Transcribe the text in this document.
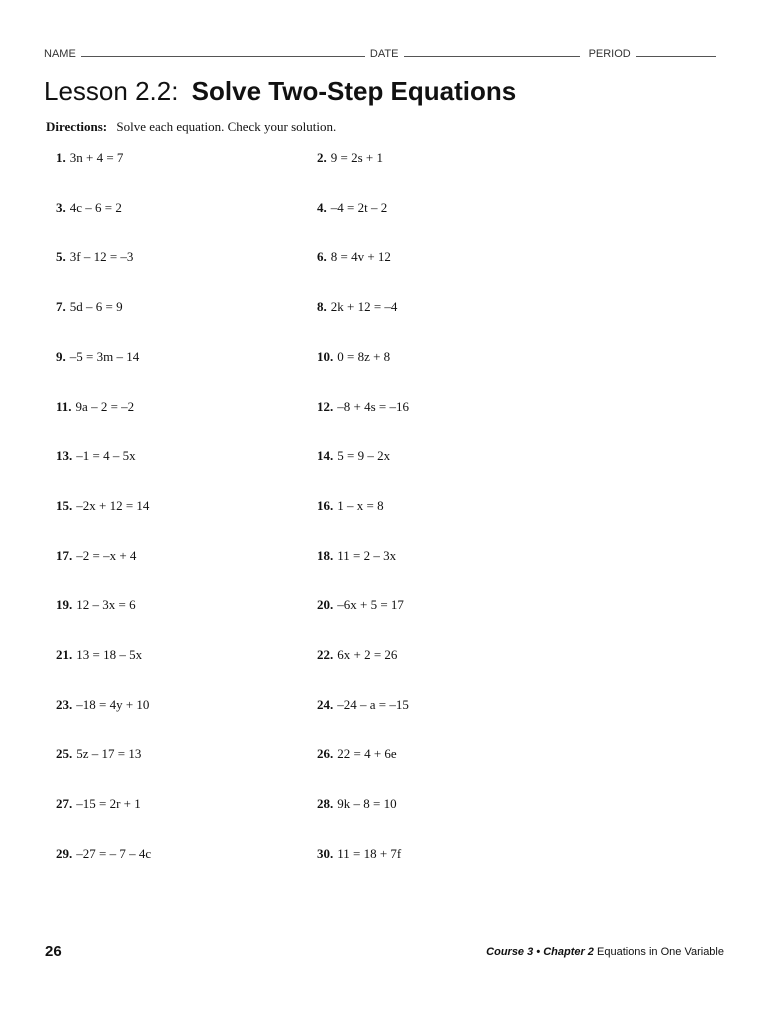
NAME	DATE	PERIOD
Lesson 2.2: Solve Two-Step Equations
Directions: Solve each equation. Check your solution.
1. 3n + 4 = 7	2. 9 = 2s + 1
3. 4c – 6 = 2	4. –4 = 2t – 2
5. 3f – 12 = –3	6. 8 = 4v + 12
7. 5d – 6 = 9	8. 2k + 12 = –4
9. –5 = 3m – 14	10. 0 = 8z + 8
11. 9a – 2 = –2	12. –8 + 4s = –16
13. –1 = 4 – 5x	14. 5 = 9 – 2x
15. –2x + 12 = 14	16. 1 – x = 8
17. –2 = –x + 4	18. 11 = 2 – 3x
19. 12 – 3x = 6	20. –6x + 5 = 17
21. 13 = 18 – 5x	22. 6x + 2 = 26
23. –18 = 4y + 10	24. –24 – a = –15
25. 5z – 17 = 13	26. 22 = 4 + 6e
27. –15 = 2r + 1	28. 9k – 8 = 10
29. –27 = – 7 – 4c	30. 11 = 18 + 7f
26	Course 3 • Chapter 2 Equations in One Variable
